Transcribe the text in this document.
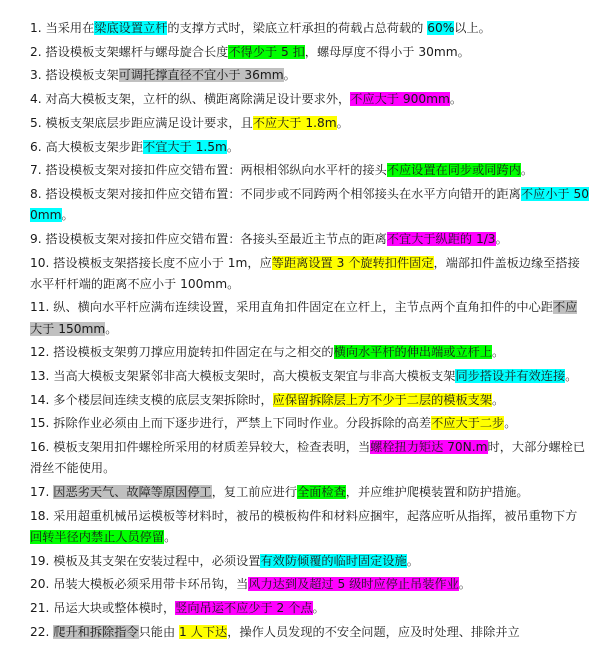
1. 当采用在梁底设置立杆的支撑方式时，梁底立杆承担的荷载占总荷载的 60%以上。
2. 搭设模板支架螺杆与螺母旋合长度不得少于 5 扣，螺母厚度不得小于 30mm。
3. 搭设模板支架可调托撑直径不宜小于 36mm。
4. 对高大模板支架，立杆的纵、横距离除满足设计要求外，不应大于 900mm。
5. 模板支架底层步距应满足设计要求，且不应大于 1.8m。
6. 高大模板支架步距不宜大于 1.5m。
7. 搭设模板支架对接扣件应交错布置：两根相邻纵向水平杆的接头不应设置在同步或同跨内。
8. 搭设模板支架对接扣件应交错布置：不同步或不同跨两个相邻接头在水平方向错开的距离不应小于 500mm。
9. 搭设模板支架对接扣件应交错布置：各接头至最近主节点的距离不宜大于纵距的 1/3。
10. 搭设模板支架搭接长度不应小于 1m，应等距离设置 3 个旋转扣件固定，端部扣件盖板边缘至搭接水平杆杆端的距离不应小于 100mm。
11. 纵、横向水平杆应满布连续设置，采用直角扣件固定在立杆上，主节点两个直角扣件的中心距不应大于 150mm。
12. 搭设模板支架剪刀撑应用旋转扣件固定在与之相交的横向水平杆的伸出端或立杆上。
13. 当高大模板支架紧邻非高大模板支架时，高大模板支架宜与非高大模板支架同步搭设并有效连接。
14. 多个楼层间连续支模的底层支架拆除时，应保留拆除层上方不少于二层的模板支架。
15. 拆除作业必须由上而下逐步进行，严禁上下同时作业。分段拆除的高差不应大于二步。
16. 模板支架用扣件螺栓所采用的材质差异较大，检查表明，当螺栓扭力矩达 70N.m时，大部分螺栓已滑丝不能使用。
17. 因恶劣天气、故障等原因停工，复工前应进行全面检查，并应维护爬模装置和防护措施。
18. 采用超重机械吊运模板等材料时，被吊的模板构件和材料应捆牢，起落应听从指挥，被吊重物下方回转半径内禁止人员停留。
19. 模板及其支架在安装过程中，必须设置有效防倾覆的临时固定设施。
20. 吊装大模板必须采用带卡环吊钩，当风力达到及超过 5 级时应停止吊装作业。
21. 吊运大块或整体模时，竖向吊运不应少于 2 个点。
22. 爬升和拆除指令只能由 1 人下达，操作人员发现的不安全问题，应及时处理、排除并立
